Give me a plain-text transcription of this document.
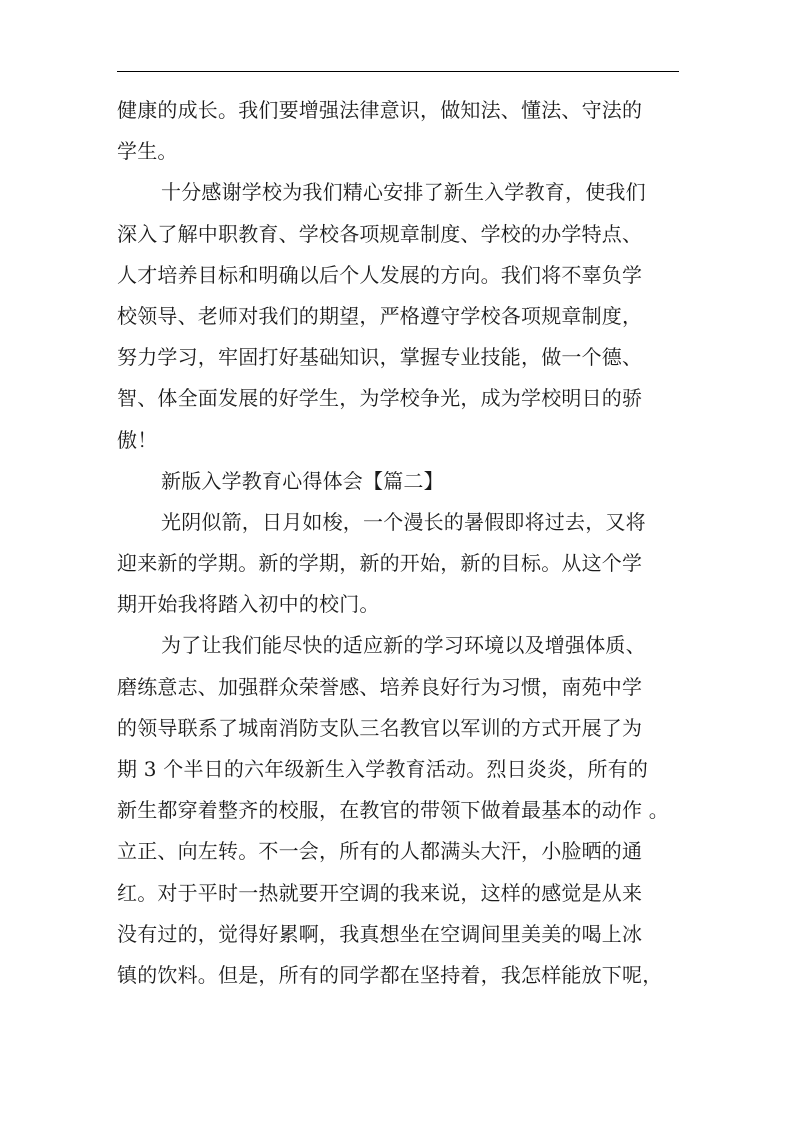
健康的成长。我们要增强法律意识，做知法、懂法、守法的
学生。
十分感谢学校为我们精心安排了新生入学教育，使我们
深入了解中职教育、学校各项规章制度、学校的办学特点、
人才培养目标和明确以后个人发展的方向。我们将不辜负学
校领导、老师对我们的期望，严格遵守学校各项规章制度，
努力学习，牢固打好基础知识，掌握专业技能，做一个德、
智、体全面发展的好学生，为学校争光，成为学校明日的骄
傲！
新版入学教育心得体会【篇二】
光阴似箭，日月如梭，一个漫长的暑假即将过去，又将
迎来新的学期。新的学期，新的开始，新的目标。从这个学
期开始我将踏入初中的校门。
为了让我们能尽快的适应新的学习环境以及增强体质、
磨练意志、加强群众荣誉感、培养良好行为习惯，南苑中学
的领导联系了城南消防支队三名教官以军训的方式开展了为
期 3 个半日的六年级新生入学教育活动。烈日炎炎，所有的
新生都穿着整齐的校服，在教官的带领下做着最基本的动作 。
立正、向左转。不一会，所有的人都满头大汗，小脸晒的通
红。对于平时一热就要开空调的我来说，这样的感觉是从来
没有过的，觉得好累啊，我真想坐在空调间里美美的喝上冰
镇的饮料。但是，所有的同学都在坚持着，我怎样能放下呢，
